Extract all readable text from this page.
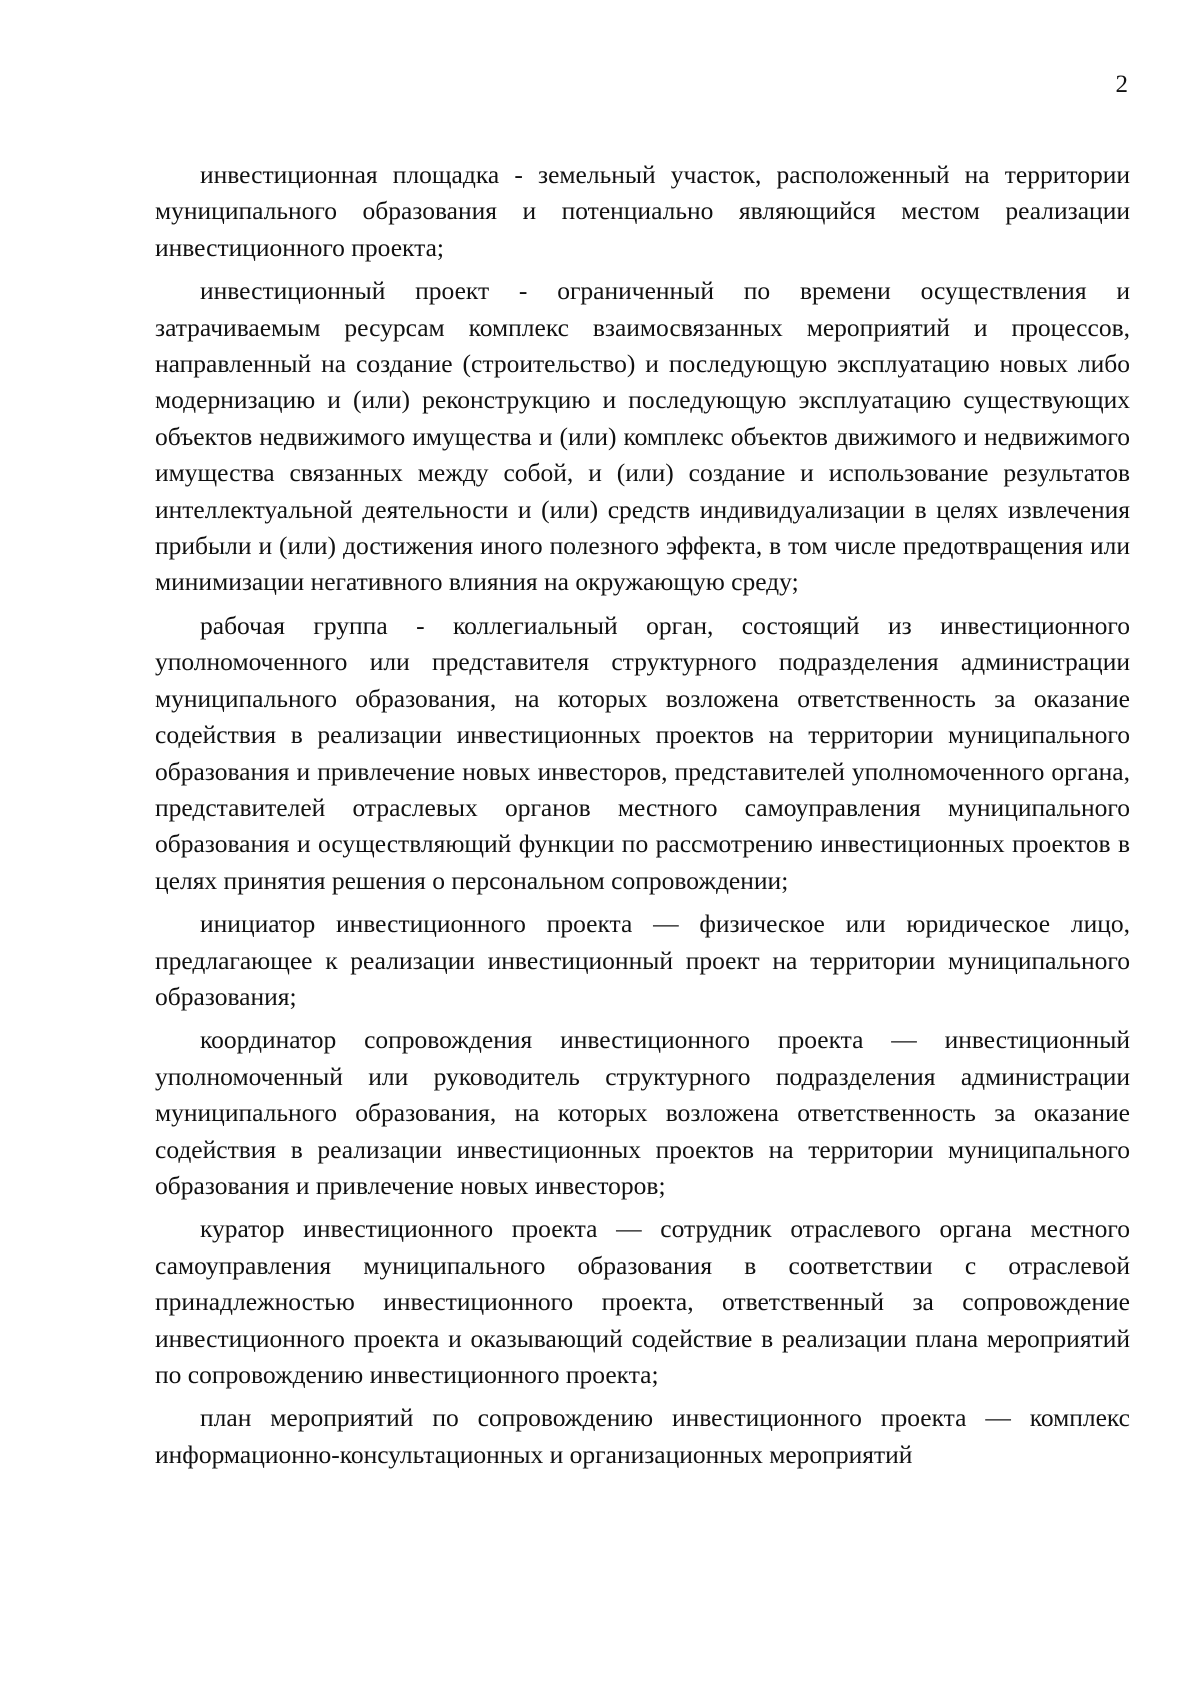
2

инвестиционная площадка - земельный участок, расположенный на территории муниципального образования и потенциально являющийся местом реализации инвестиционного проекта;

инвестиционный проект - ограниченный по времени осуществления и затрачиваемым ресурсам комплекс взаимосвязанных мероприятий и процессов, направленный на создание (строительство) и последующую эксплуатацию новых либо модернизацию и (или) реконструкцию и последующую эксплуатацию существующих объектов недвижимого имущества и (или) комплекс объектов движимого и недвижимого имущества связанных между собой, и (или) создание и использование результатов интеллектуальной деятельности и (или) средств индивидуализации в целях извлечения прибыли и (или) достижения иного полезного эффекта, в том числе предотвращения или минимизации негативного влияния на окружающую среду;

рабочая группа - коллегиальный орган, состоящий из инвестиционного уполномоченного или представителя структурного подразделения администрации муниципального образования, на которых возложена ответственность за оказание содействия в реализации инвестиционных проектов на территории муниципального образования и привлечение новых инвесторов, представителей уполномоченного органа, представителей отраслевых органов местного самоуправления муниципального образования и осуществляющий функции по рассмотрению инвестиционных проектов в целях принятия решения о персональном сопровождении;

инициатор инвестиционного проекта — физическое или юридическое лицо, предлагающее к реализации инвестиционный проект на территории муниципального образования;

координатор сопровождения инвестиционного проекта — инвестиционный уполномоченный или руководитель структурного подразделения администрации муниципального образования, на которых возложена ответственность за оказание содействия в реализации инвестиционных проектов на территории муниципального образования и привлечение новых инвесторов;

куратор инвестиционного проекта — сотрудник отраслевого органа местного самоуправления муниципального образования в соответствии с отраслевой принадлежностью инвестиционного проекта, ответственный за сопровождение инвестиционного проекта и оказывающий содействие в реализации плана мероприятий по сопровождению инвестиционного проекта;

план мероприятий по сопровождению инвестиционного проекта — комплекс информационно-консультационных и организационных мероприятий
